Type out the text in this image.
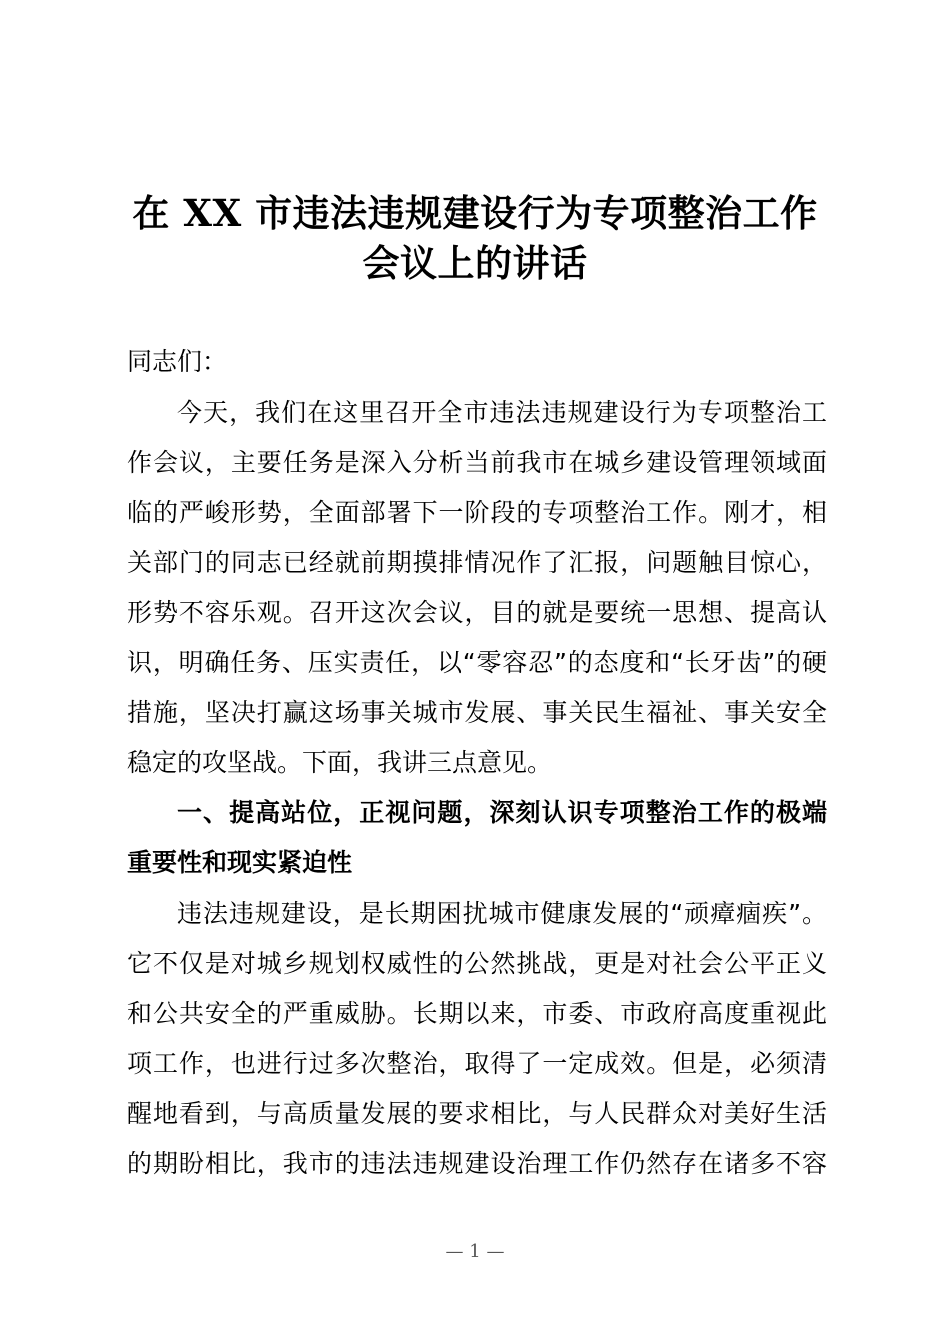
在 XX 市违法违规建设行为专项整治工作
会议上的讲话
同志们：
今天，我们在这里召开全市违法违规建设行为专项整治工
作会议，主要任务是深入分析当前我市在城乡建设管理领域面
临的严峻形势，全面部署下一阶段的专项整治工作。刚才，相
关部门的同志已经就前期摸排情况作了汇报，问题触目惊心，
形势不容乐观。召开这次会议，目的就是要统一思想、提高认
识，明确任务、压实责任，以“零容忍”的态度和“长牙齿”的硬
措施，坚决打赢这场事关城市发展、事关民生福祉、事关安全
稳定的攻坚战。下面，我讲三点意见。
一、提高站位，正视问题，深刻认识专项整治工作的极端
重要性和现实紧迫性
违法违规建设，是长期困扰城市健康发展的“顽瘴痼疾”。
它不仅是对城乡规划权威性的公然挑战，更是对社会公平正义
和公共安全的严重威胁。长期以来，市委、市政府高度重视此
项工作，也进行过多次整治，取得了一定成效。但是，必须清
醒地看到，与高质量发展的要求相比，与人民群众对美好生活
的期盼相比，我市的违法违规建设治理工作仍然存在诸多不容
— 1 —
